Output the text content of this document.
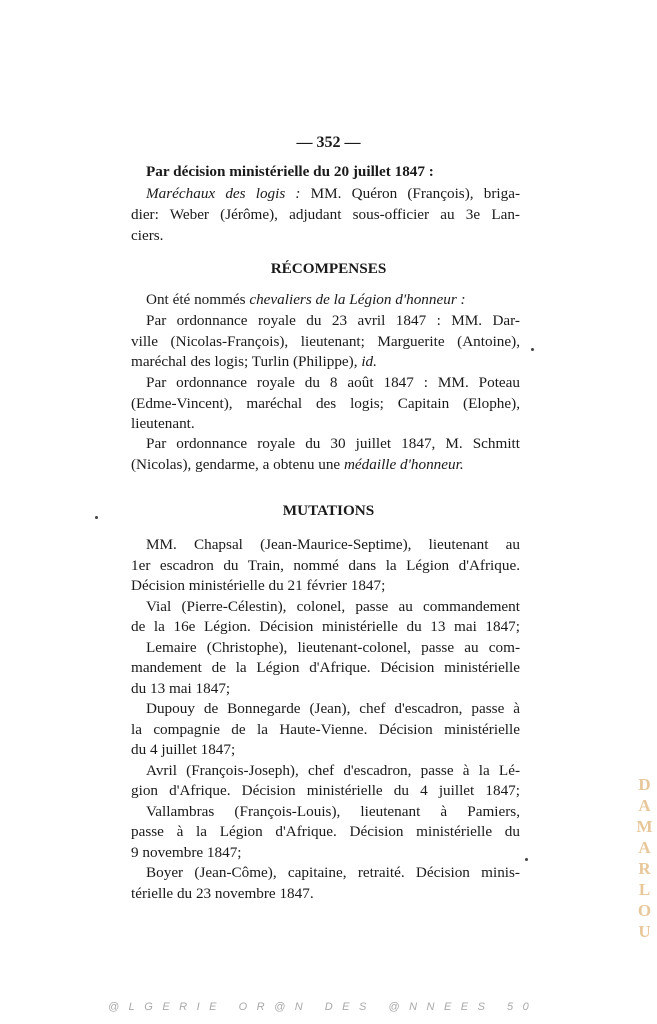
— 352 —
Par décision ministérielle du 20 juillet 1847 :
Maréchaux des logis : MM. Quéron (François), briga-
dier: Weber (Jérôme), adjudant sous-officier au 3e Lan-
ciers.
RÉCOMPENSES
Ont été nommés chevaliers de la Légion d'honneur :
Par ordonnance royale du 23 avril 1847 : MM. Dar-
ville (Nicolas-François), lieutenant; Marguerite (Antoine),
maréchal des logis; Turlin (Philippe), id.
Par ordonnance royale du 8 août 1847 : MM. Poteau
(Edme-Vincent), maréchal des logis; Capitain (Elophe),
lieutenant.
Par ordonnance royale du 30 juillet 1847, M. Schmitt
(Nicolas), gendarme, a obtenu une médaille d'honneur.
MUTATIONS
MM. Chapsal (Jean-Maurice-Septime), lieutenant au
1er escadron du Train, nommé dans la Légion d'Afrique.
Décision ministérielle du 21 février 1847;
Vial (Pierre-Célestin), colonel, passe au commandement
de la 16e Légion. Décision ministérielle du 13 mai 1847;
Lemaire (Christophe), lieutenant-colonel, passe au com-
mandement de la Légion d'Afrique. Décision ministérielle
du 13 mai 1847;
Dupouy de Bonnegarde (Jean), chef d'escadron, passe à
la compagnie de la Haute-Vienne. Décision ministérielle
du 4 juillet 1847;
Avril (François-Joseph), chef d'escadron, passe à la Lé-
gion d'Afrique. Décision ministérielle du 4 juillet 1847;
Vallambras (François-Louis), lieutenant à Pamiers,
passe à la Légion d'Afrique. Décision ministérielle du
9 novembre 1847;
Boyer (Jean-Côme), capitaine, retraité. Décision minis-
térielle du 23 novembre 1847.	DAMARLOU
@LGERIE OR@N DES @NNEES 50
